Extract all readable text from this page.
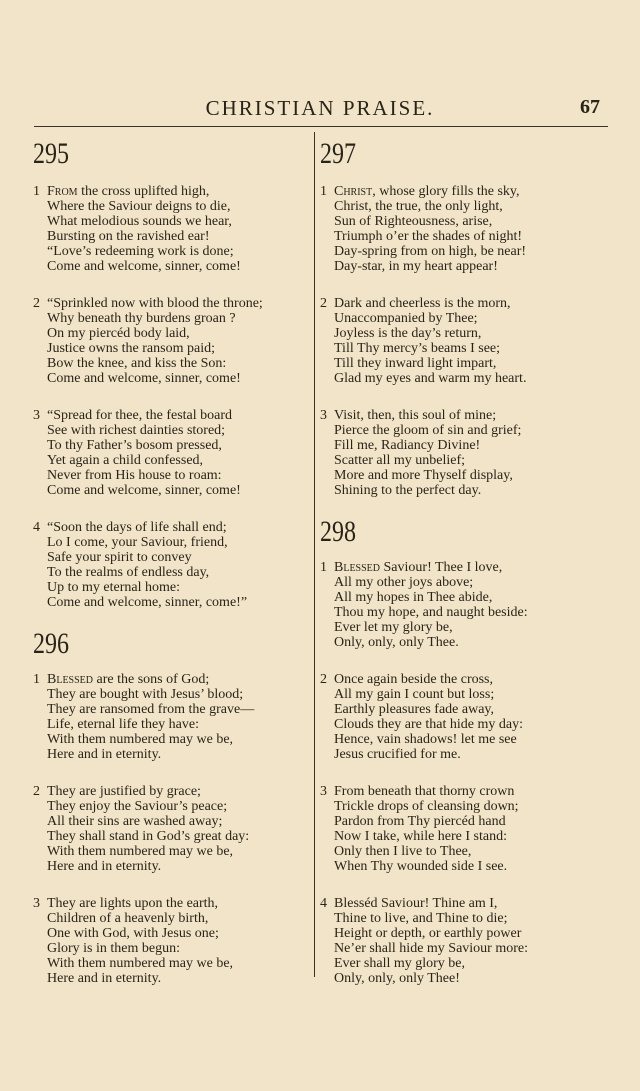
CHRISTIAN PRAISE.	67
295
1 From the cross uplifted high,
Where the Saviour deigns to die,
What melodious sounds we hear,
Bursting on the ravished ear!
“Love’s redeeming work is done;
Come and welcome, sinner, come!
2 “Sprinkled now with blood the throne;
Why beneath thy burdens groan ?
On my piercéd body laid,
Justice owns the ransom paid;
Bow the knee, and kiss the Son:
Come and welcome, sinner, come!
3 “Spread for thee, the festal board
See with richest dainties stored;
To thy Father’s bosom pressed,
Yet again a child confessed,
Never from His house to roam:
Come and welcome, sinner, come!
4 “Soon the days of life shall end;
Lo I come, your Saviour, friend,
Safe your spirit to convey
To the realms of endless day,
Up to my eternal home:
Come and welcome, sinner, come!”
296
1 Blessed are the sons of God;
They are bought with Jesus’ blood;
They are ransomed from the grave—
Life, eternal life they have:
With them numbered may we be,
Here and in eternity.
2 They are justified by grace;
They enjoy the Saviour’s peace;
All their sins are washed away;
They shall stand in God’s great day:
With them numbered may we be,
Here and in eternity.
3 They are lights upon the earth,
Children of a heavenly birth,
One with God, with Jesus one;
Glory is in them begun:
With them numbered may we be,
Here and in eternity.
297
1 Christ, whose glory fills the sky,
Christ, the true, the only light,
Sun of Righteousness, arise,
Triumph o’er the shades of night!
Day-spring from on high, be near!
Day-star, in my heart appear!
2 Dark and cheerless is the morn,
Unaccompanied by Thee;
Joyless is the day’s return,
Till Thy mercy’s beams I see;
Till they inward light impart,
Glad my eyes and warm my heart.
3 Visit, then, this soul of mine;
Pierce the gloom of sin and grief;
Fill me, Radiancy Divine!
Scatter all my unbelief;
More and more Thyself display,
Shining to the perfect day.
298
1 Blessed Saviour! Thee I love,
All my other joys above;
All my hopes in Thee abide,
Thou my hope, and naught beside:
Ever let my glory be,
Only, only, only Thee.
2 Once again beside the cross,
All my gain I count but loss;
Earthly pleasures fade away,
Clouds they are that hide my day:
Hence, vain shadows! let me see
Jesus crucified for me.
3 From beneath that thorny crown
Trickle drops of cleansing down;
Pardon from Thy piercéd hand
Now I take, while here I stand:
Only then I live to Thee,
When Thy wounded side I see.
4 Blesséd Saviour! Thine am I,
Thine to live, and Thine to die;
Height or depth, or earthly power
Ne’er shall hide my Saviour more:
Ever shall my glory be,
Only, only, only Thee!
